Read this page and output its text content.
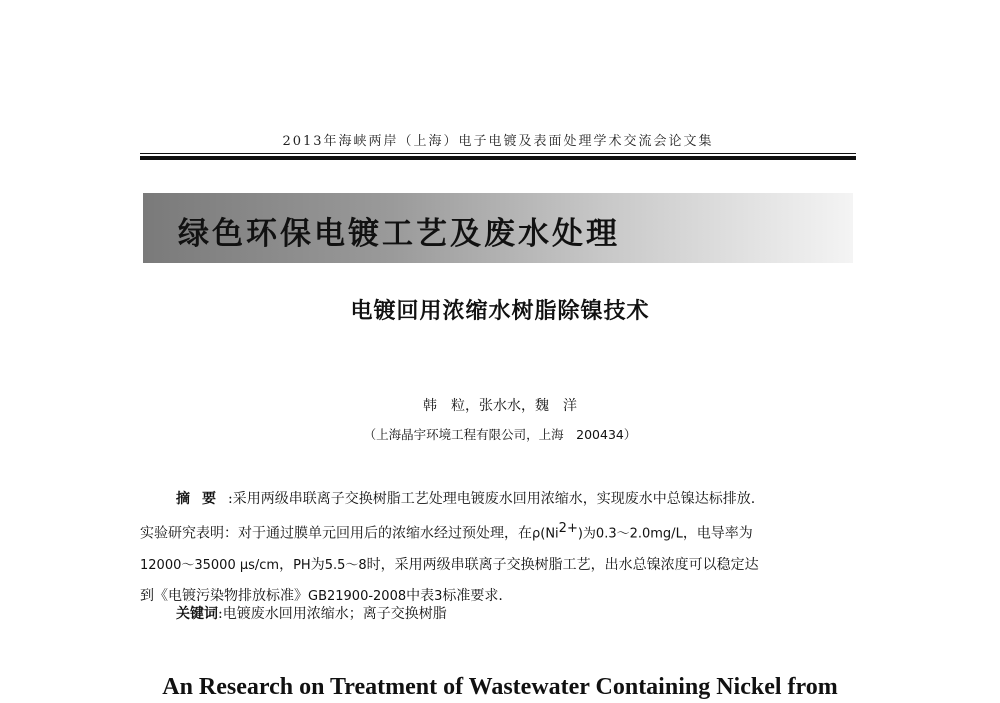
2013年海峡两岸（上海）电子电镀及表面处理学术交流会论文集
绿色环保电镀工艺及废水处理
电镀回用浓缩水树脂除镍技术
韩　粒，张水水，魏　洋
（上海晶宇环境工程有限公司，上海　200434）

摘要:采用两级串联离子交换树脂工艺处理电镀废水回用浓缩水，实现废水中总镍达标排放.

实验研究表明：对于通过膜单元回用后的浓缩水经过预处理，在$\rho(Ni^{2+})$为0.3～2.0mg/L，电导率为

12000～35000 μs/cm，PH为5.5～8时，采用两级串联离子交换树脂工艺，出水总镍浓度可以稳定达

到《电镀污染物排放标准》GB21900-2008中表3标准要求.

关键词:电镀废水回用浓缩水；离子交换树脂
An Research on Treatment of Wastewater Containing Nickel from
